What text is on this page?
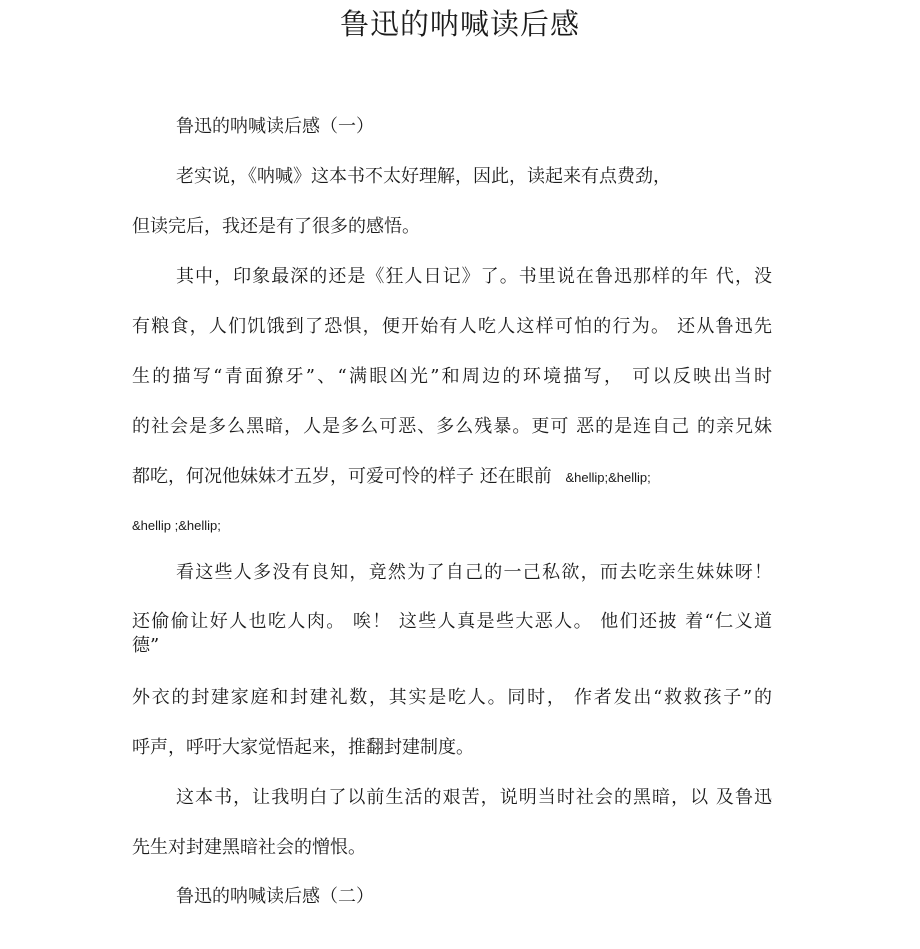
鲁迅的呐喊读后感
鲁迅的呐喊读后感（一）
老实说，《呐喊》这本书不太好理解，因此，读起来有点费劲，
但读完后，我还是有了很多的感悟。
其中，印象最深的还是《狂人日记》了。书里说在鲁迅那样的年 代，没
有粮食，人们饥饿到了恐惧，便开始有人吃人这样可怕的行为。 还从鲁迅先
生的描写“青面獠牙”、“满眼凶光”和周边的环境描写， 可以反映出当时
的社会是多么黑暗，人是多么可恶、多么残暴。更可 恶的是连自己 的亲兄妹
都吃，何况他妹妹才五岁，可爱可怜的样子 还在眼前 &hellip;&hellip;
&hellip ;&hellip;
看这些人多没有良知，竟然为了自己的一己私欲，而去吃亲生妹妹呀！
还偷偷让好人也吃人肉。 唉！ 这些人真是些大恶人。 他们还披 着“仁义道
德”
外衣的封建家庭和封建礼数，其实是吃人。同时， 作者发出“救救孩子”的
呼声，呼吁大家觉悟起来，推翻封建制度。
这本书，让我明白了以前生活的艰苦，说明当时社会的黑暗，以 及鲁迅
先生对封建黑暗社会的憎恨。
鲁迅的呐喊读后感（二）
